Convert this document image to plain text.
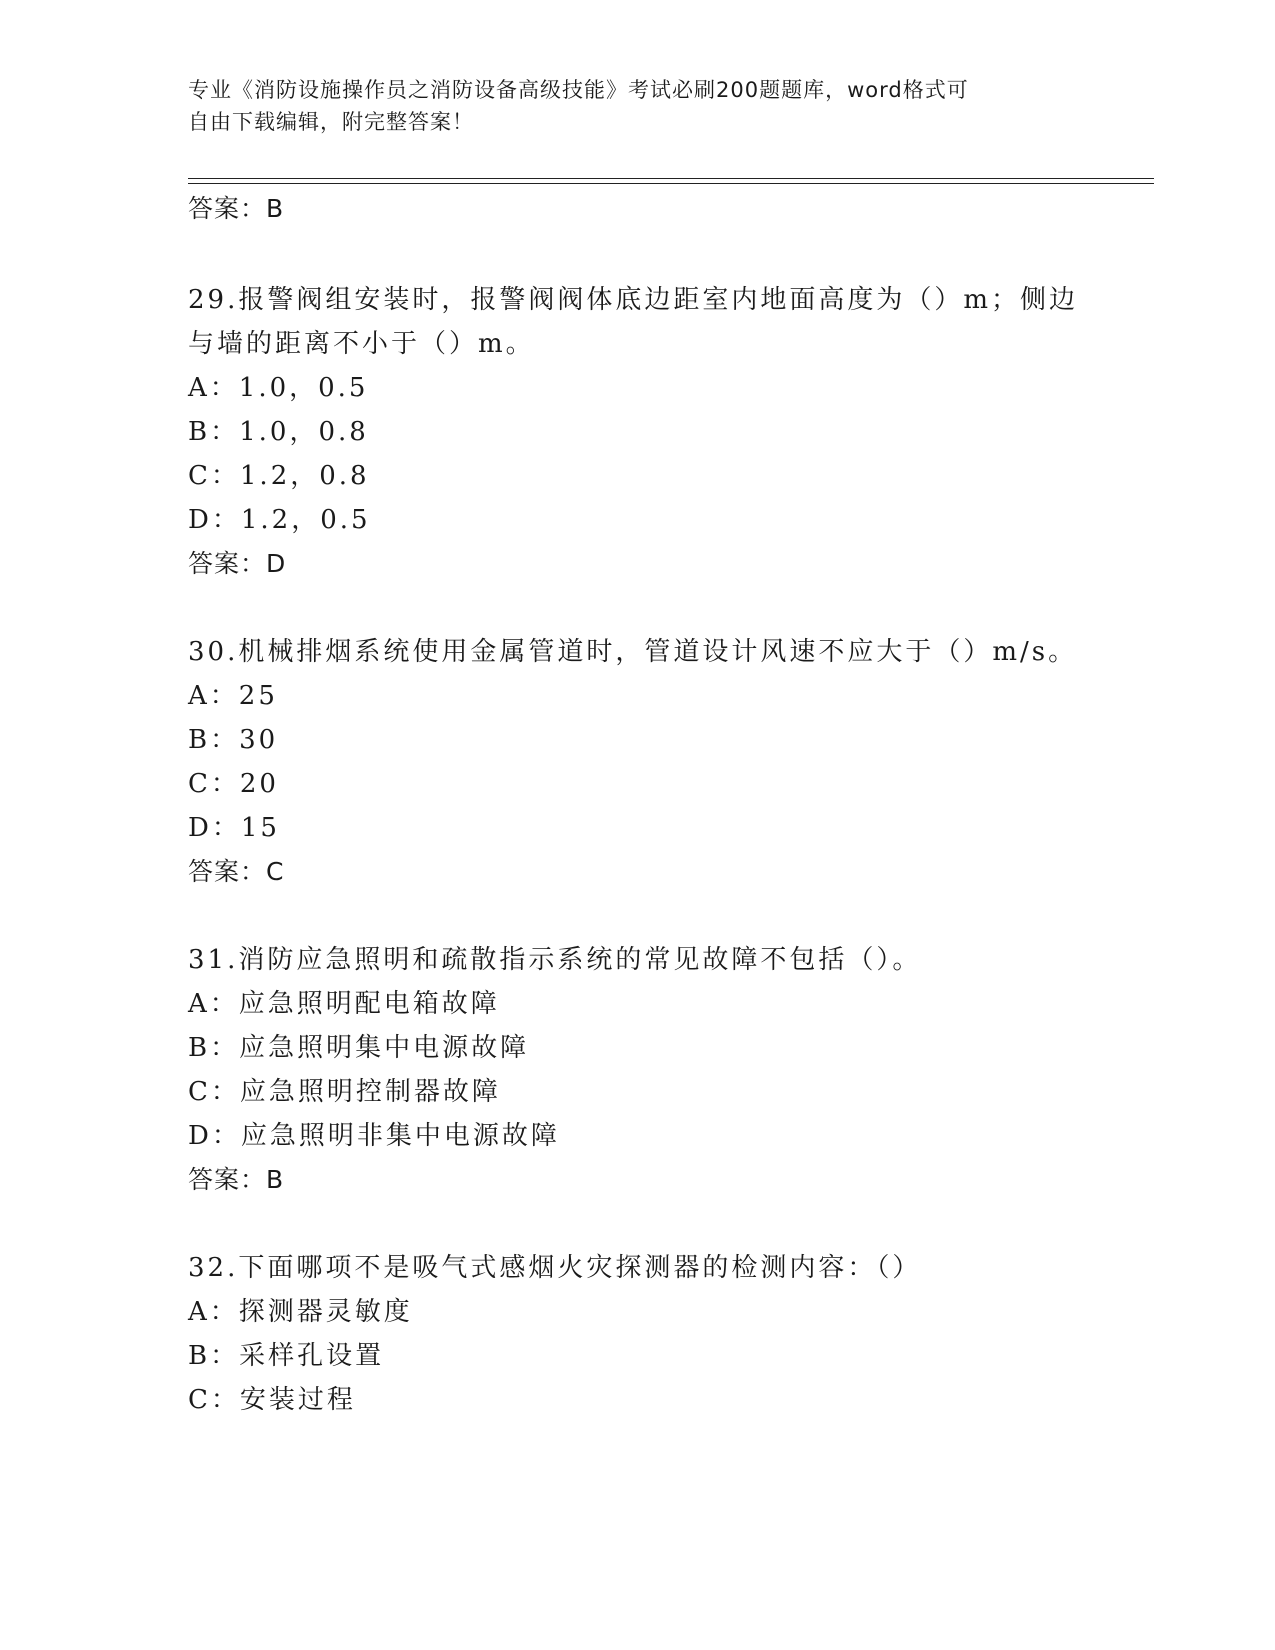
专业《消防设施操作员之消防设备高级技能》考试必刷200题题库，word格式可
自由下载编辑，附完整答案！
答案：B
29.报警阀组安装时，报警阀阀体底边距室内地面高度为（）m；侧边
与墙的距离不小于（）m。
A：1.0，0.5
B：1.0，0.8
C：1.2，0.8
D：1.2，0.5
答案：D
30.机械排烟系统使用金属管道时，管道设计风速不应大于（）m/s。
A：25
B：30
C：20
D：15
答案：C
31.消防应急照明和疏散指示系统的常见故障不包括（）。
A：应急照明配电箱故障
B：应急照明集中电源故障
C：应急照明控制器故障
D：应急照明非集中电源故障
答案：B
32.下面哪项不是吸气式感烟火灾探测器的检测内容：（）
A：探测器灵敏度
B：采样孔设置
C：安装过程
